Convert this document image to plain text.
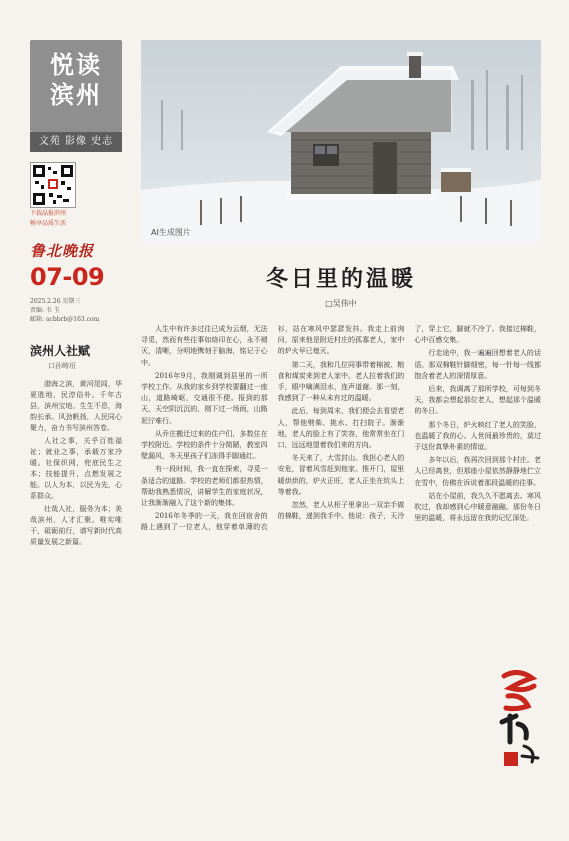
悦读
滨州
文苑 影像 史志
下载晶报滨州
畅享品质生活
鲁北晚报
07-09
2025.2.26 星期三
责编: 韦 玉
邮箱: acbbrb@163.com
滨州人社赋
口孙畴垣

渤海之滨，黄河尾闾，华夏胜地，民淳俗朴。千年古县，滨州宝地。生生不息，海韵长承。风劲帆扬，人民同心聚力，奋力书写滨州答卷。

人社之事，关乎百姓福祉；就业之事，承载万家冷暖。社保织网，兜底民生之本；技能提升，点燃发展之能。以人为本，以民为先，心系群众。

壮哉人社，服务为本；美哉滨州，人才汇聚。唯实唯干，砥砺前行，谱写新时代高质量发展之新篇。

AI生成图片
冬日里的温暖
□吴伟中

人生中有许多过往已成为云烟，无法寻觅，然而有些往事如烙印在心，永不褪灭，清晰，分明地镌刻于脑海，铭记于心中。

2016年9月，我刚调到县里的一所学校工作。从我的家乡到学校要翻过一座山，道路崎岖，交通很不便。报到的那天，天空阴沉沉的，刚下过一场雨，山路泥泞难行。

从乔庄搬迁过来的住户们，多数住在学校附近。学校的条件十分简陋，教室四壁漏风，冬天里孩子们冻得手脚通红。

有一段时间，我一直在探索，寻觅一条适合的道路。学校的老师们都很热情，帮助我熟悉情况，讲解学生的家庭状况，让我渐渐融入了这个新的集体。

2016年冬季的一天，我在回宿舍的路上遇到了一位老人，他穿着单薄的衣衫，站在寒风中瑟瑟发抖。我走上前询问，原来他是附近村庄的孤寡老人，家中的炉火早已熄灭。

第二天，我和几位同事带着棉被、粮食和煤炭来到老人家中。老人拉着我们的手，眼中噙满泪水，连声道谢。那一刻，我感到了一种从未有过的温暖。

此后，每到周末，我们便会去看望老人，帮他劈柴、挑水、打扫院子。渐渐地，老人的脸上有了笑容，他常常坐在门口，远远地望着我们来的方向。

冬天来了，大雪封山。我担心老人的安危，冒着风雪赶到他家。推开门，屋里暖烘烘的，炉火正旺，老人正坐在炕头上等着我。

忽然，老人从柜子里拿出一双亲手做的棉鞋，递到我手中。他说：孩子，天冷了，穿上它，脚就不冷了。我接过棉鞋，心中百感交集。

行走途中，我一遍遍回想着老人的话语。那双棉鞋针脚细密，每一针每一线都饱含着老人的深情厚意。

后来，我调离了那所学校，可每到冬天，我都会想起那位老人，想起那个温暖的冬日。

那个冬日，炉火映红了老人的笑脸，也温暖了我的心。人世间最珍贵的，莫过于这份真挚朴素的情谊。

多年以后，我再次回到那个村庄。老人已经离世，但那座小屋依然静静地伫立在雪中，仿佛在诉说着那段温暖的往事。

站在小屋前，我久久不愿离去。寒风吹过，我却感到心中暖意融融。那份冬日里的温暖，将永远留在我的记忆深处。
